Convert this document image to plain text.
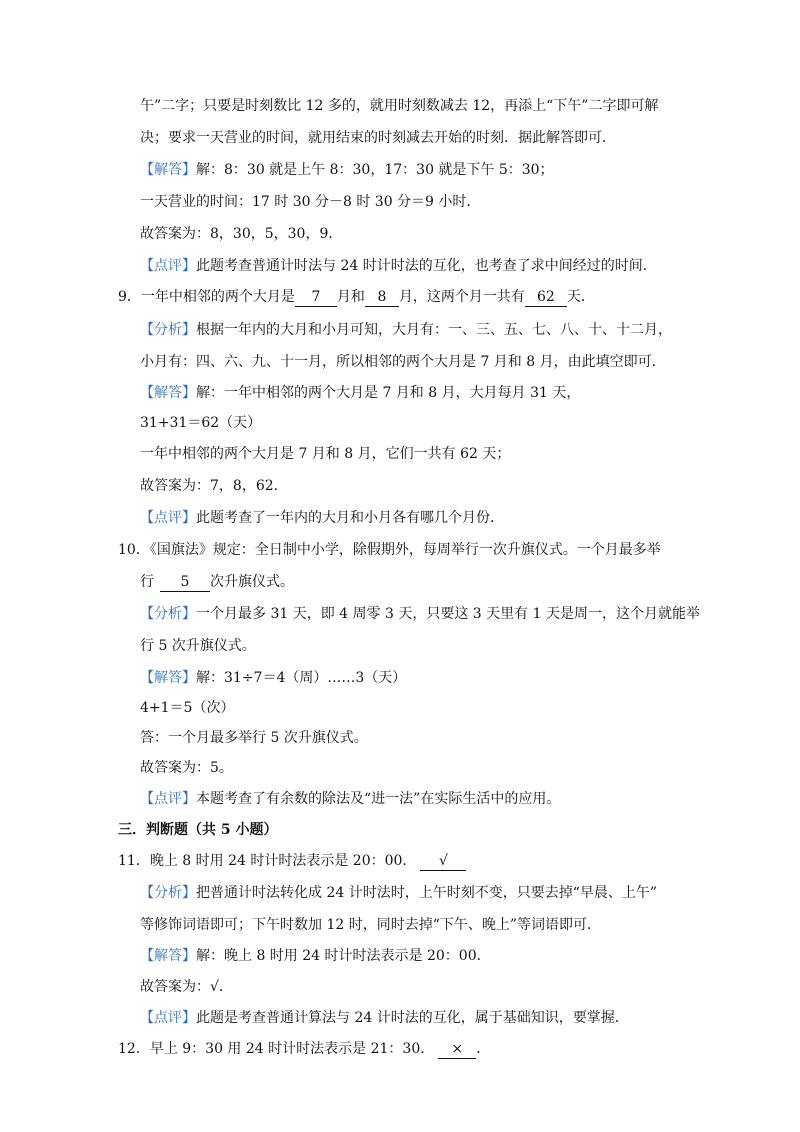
午”二字；只要是时刻数比 12 多的，就用时刻数减去 12，再添上“下午”二字即可解
决；要求一天营业的时间，就用结束的时刻减去开始的时刻．据此解答即可．
【解答】解：8：30 就是上午 8：30，17：30 就是下午 5：30；
一天营业的时间：17 时 30 分－8 时 30 分＝9 小时．
故答案为：8，30，5，30，9．
【点评】此题考查普通计时法与 24 时计时法的互化，也考查了求中间经过的时间．
9．一年中相邻的两个大月是 7 月和 8 月，这两个月一共有 62 天．
【分析】根据一年内的大月和小月可知，大月有：一、三、五、七、八、十、十二月，
小月有：四、六、九、十一月，所以相邻的两个大月是 7 月和 8 月，由此填空即可．
【解答】解：一年中相邻的两个大月是 7 月和 8 月，大月每月 31 天，
31+31＝62（天）
一年中相邻的两个大月是 7 月和 8 月，它们一共有 62 天；
故答案为：7，8，62．
【点评】此题考查了一年内的大月和小月各有哪几个月份．
10．《国旗法》规定：全日制中小学，除假期外，每周举行一次升旗仪式。一个月最多举
行 5 次升旗仪式。
【分析】一个月最多 31 天，即 4 周零 3 天，只要这 3 天里有 1 天是周一，这个月就能举
行 5 次升旗仪式。
【解答】解：31÷7＝4（周）……3（天）
4+1＝5（次）
答：一个月最多举行 5 次升旗仪式。
故答案为：5。
【点评】本题考查了有余数的除法及“进一法”在实际生活中的应用。
三．判断题（共 5 小题）
11．晚上 8 时用 24 时计时法表示是 20：00． √
【分析】把普通计时法转化成 24 计时法时，上午时刻不变，只要去掉“早晨、上午”
等修饰词语即可；下午时数加 12 时，同时去掉“下午、晚上”等词语即可．
【解答】解：晚上 8 时用 24 时计时法表示是 20：00．
故答案为：√．
【点评】此题是考查普通计算法与 24 计时法的互化，属于基础知识，要掌握．
12．早上 9：30 用 24 时计时法表示是 21：30． × ．
